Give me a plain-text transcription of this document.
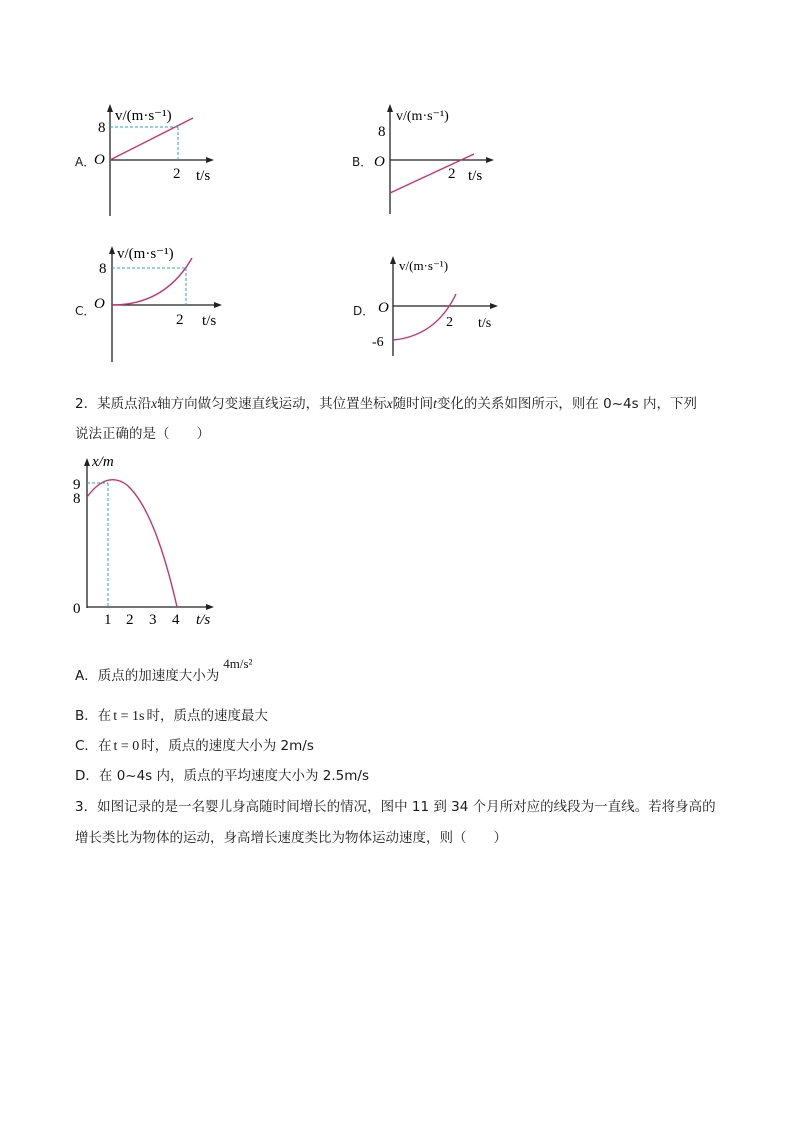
A．
v/(m·s⁻¹)
8
O
2 t/s
B．
v/(m·s⁻¹)
8
O
2 t/s
C．
v/(m·s⁻¹)
8
O
2 t/s
D．
v/(m·s⁻¹)
O
2 t/s
-6
2．某质点沿x轴方向做匀变速直线运动，其位置坐标x随时间t变化的关系如图所示，则在 0~4s 内，下列
说法正确的是（　　）
x/m
9
8
0
1 2 3 4 t/s
A．质点的加速度大小为4m/s²
B．在 t = 1s 时，质点的速度最大
C．在 t = 0 时，质点的速度大小为 2m/s
D．在 0~4s 内，质点的平均速度大小为 2.5m/s
3．如图记录的是一名婴儿身高随时间增长的情况，图中 11 到 34 个月所对应的线段为一直线。若将身高的
增长类比为物体的运动，身高增长速度类比为物体运动速度，则（　　）
